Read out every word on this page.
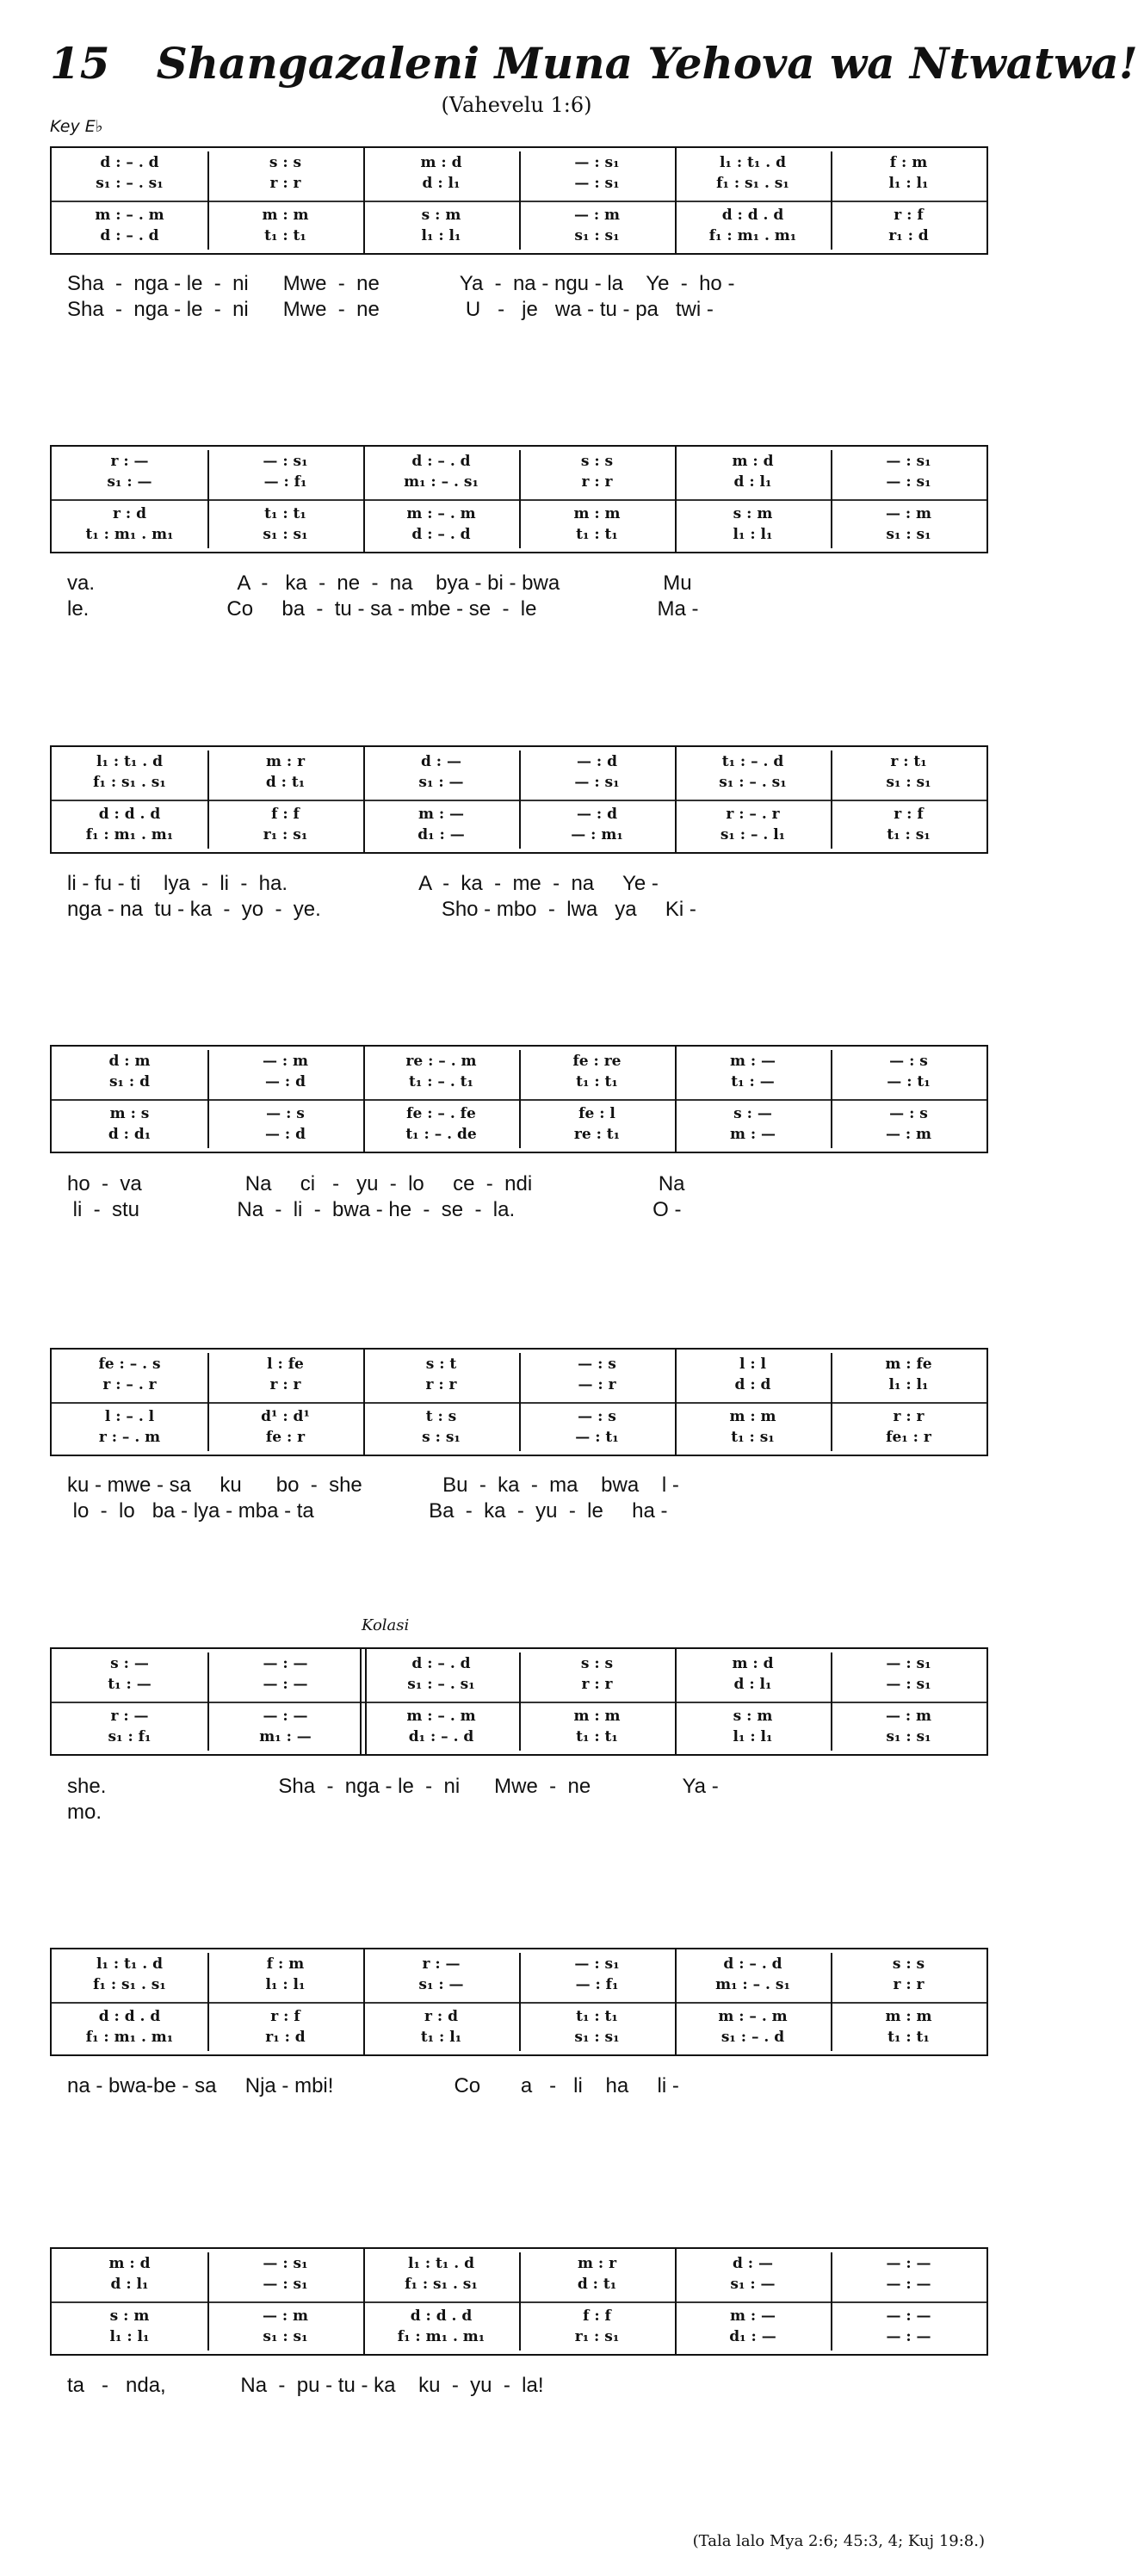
15 Shangazaleni Muna Yehova wa Ntwatwa!
(Vahevelu 1:6)
Key E♭
Kolasi
d : – . d
s₁ : – . s₁
m : – . m
d : – . d
s : s
r : r
m : m
t₁ : t₁
m : d
d : l₁
s : m
l₁ : l₁
— : s₁
— : s₁
— : m
s₁ : s₁
l₁ : t₁ . d
f₁ : s₁ . s₁
d : d . d
f₁ : m₁ . m₁
f : m
l₁ : l₁
r : f
r₁ : d
Sha  -  nga - le  -  ni      Mwe  -  ne              Ya  -  na - ngu - la    Ye  -  ho -
Sha  -  nga - le  -  ni      Mwe  -  ne               U   -   je   wa - tu - pa   twi -
r : —
s₁ : —
r : d
t₁ : m₁ . m₁
— : s₁
— : f₁
t₁ : t₁
s₁ : s₁
d : – . d
m₁ : – . s₁
m : – . m
d : – . d
s : s
r : r
m : m
t₁ : t₁
m : d
d : l₁
s : m
l₁ : l₁
— : s₁
— : s₁
— : m
s₁ : s₁
va.                         A  -   ka  -  ne  -  na    bya - bi - bwa                  Mu
le.                        Co     ba  -  tu - sa - mbe - se  -  le                     Ma -
l₁ : t₁ . d
f₁ : s₁ . s₁
d : d . d
f₁ : m₁ . m₁
m : r
d : t₁
f : f
r₁ : s₁
d : —
s₁ : —
m : —
d₁ : —
— : d
— : s₁
— : d
— : m₁
t₁ : – . d
s₁ : – . s₁
r : – . r
s₁ : – . l₁
r : t₁
s₁ : s₁
r : f
t₁ : s₁
li - fu - ti    lya  -  li  -  ha.                       A  -  ka  -  me  -  na     Ye -
nga - na  tu - ka  -  yo  -  ye.                     Sho - mbo  -  lwa   ya     Ki -
d : m
s₁ : d
m : s
d : d₁
— : m
— : d
— : s
— : d
re : – . m
t₁ : – . t₁
fe : – . fe
t₁ : – . de
fe : re
t₁ : t₁
fe : l
re : t₁
m : —
t₁ : —
s : —
m : —
— : s
— : t₁
— : s
— : m
ho  -  va                  Na     ci   -   yu  -  lo     ce  -  ndi                      Na
li  -  stu                 Na  -  li  -  bwa - he  -  se  -  la.                        O -
fe : – . s
r : – . r
l : – . l
r : – . m
l : fe
r : r
d¹ : d¹
fe : r
s : t
r : r
t : s
s : s₁
— : s
— : r
— : s
— : t₁
l : l
d : d
m : m
t₁ : s₁
m : fe
l₁ : l₁
r : r
fe₁ : r
ku - mwe - sa     ku      bo  -  she              Bu  -  ka  -  ma    bwa    l -
lo  -  lo   ba - lya - mba - ta                    Ba  -  ka  -  yu  -  le     ha -
s : —
t₁ : —
r : —
s₁ : f₁
— : —
— : —
— : —
m₁ : —
d : – . d
s₁ : – . s₁
m : – . m
d₁ : – . d
s : s
r : r
m : m
t₁ : t₁
m : d
d : l₁
s : m
l₁ : l₁
— : s₁
— : s₁
— : m
s₁ : s₁
she.                              Sha  -  nga - le  -  ni      Mwe  -  ne                Ya -
mo.
l₁ : t₁ . d
f₁ : s₁ . s₁
d : d . d
f₁ : m₁ . m₁
f : m
l₁ : l₁
r : f
r₁ : d
r : —
s₁ : —
r : d
t₁ : l₁
— : s₁
— : f₁
t₁ : t₁
s₁ : s₁
d : – . d
m₁ : – . s₁
m : – . m
s₁ : – . d
s : s
r : r
m : m
t₁ : t₁
na - bwa-be - sa     Nja - mbi!                     Co       a   -   li    ha     li -
m : d
d : l₁
s : m
l₁ : l₁
— : s₁
— : s₁
— : m
s₁ : s₁
l₁ : t₁ . d
f₁ : s₁ . s₁
d : d . d
f₁ : m₁ . m₁
m : r
d : t₁
f : f
r₁ : s₁
d : —
s₁ : —
m : —
d₁ : —
— : —
— : —
— : —
— : —
ta   -   nda,             Na  -  pu - tu - ka    ku  -  yu  -  la!
(Tala lalo Mya 2:6; 45:3, 4; Kuj 19:8.)
